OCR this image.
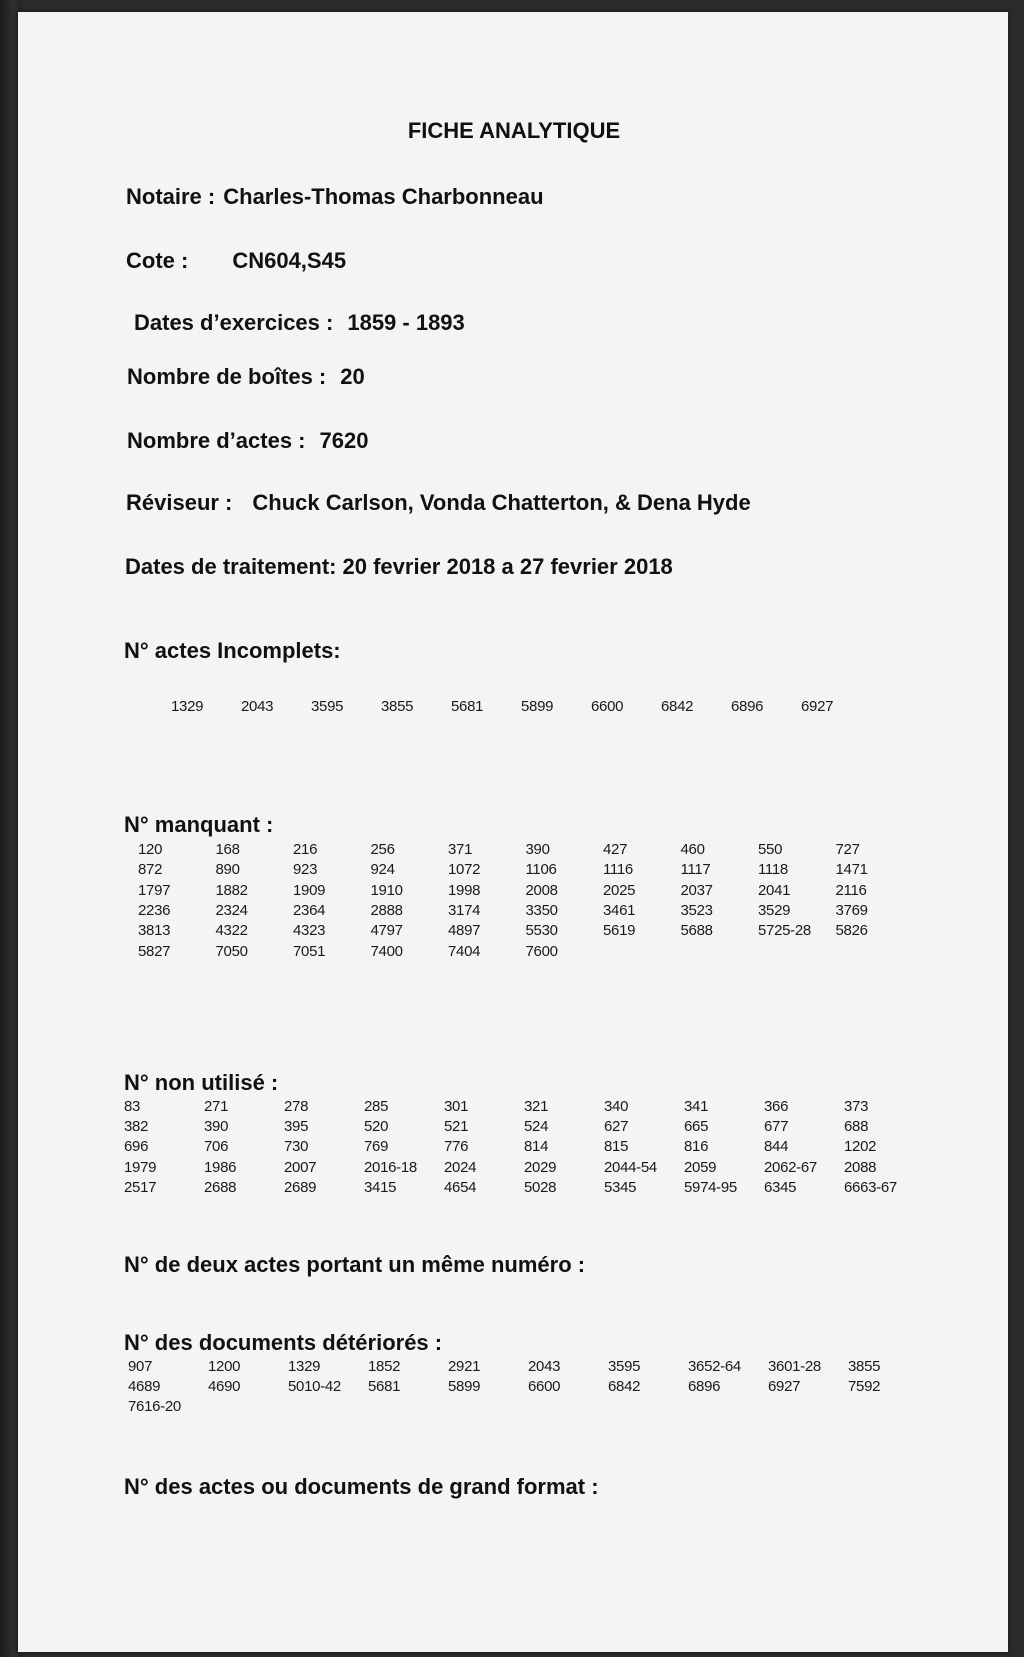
FICHE ANALYTIQUE
Notaire : Charles-Thomas Charbonneau
Cote : CN604,S45
Dates d’exercices : 1859 - 1893
Nombre de boîtes : 20
Nombre d’actes : 7620
Réviseur : Chuck Carlson, Vonda Chatterton, & Dena Hyde
Dates de traitement: 20 fevrier 2018 a 27 fevrier 2018
N° actes Incomplets:
N° manquant :
N° non utilisé :
N° de deux actes portant un même numéro :
N° des documents détériorés :
N° des actes ou documents de grand format :
1329	2043	3595	3855	5681	5899	6600	6842	6896	6927
120	168	216	256	371	390	427	460	550	727
872	890	923	924	1072	1106	1116	1117	1118	1471
1797	1882	1909	1910	1998	2008	2025	2037	2041	2116
2236	2324	2364	2888	3174	3350	3461	3523	3529	3769
3813	4322	4323	4797	4897	5530	5619	5688	5725-28 5826
5827	7050	7051	7400	7404	7600
83	271	278	285	301	321	340	341	366	373
382	390	395	520	521	524	627	665	677	688
696	706	730	769	776	814	815	816	844	1202
1979	1986	2007	2016-18 2024	2029	2044-54 2059	2062-67 2088
2517	2688	2689	3415	4654	5028	5345	5974-95 6345	6663-67
907	1200	1329	1852	2921	2043	3595	3652-64 3601-28 3855
4689	4690	5010-42 5681	5899	6600	6842	6896	6927	7592
7616-20
